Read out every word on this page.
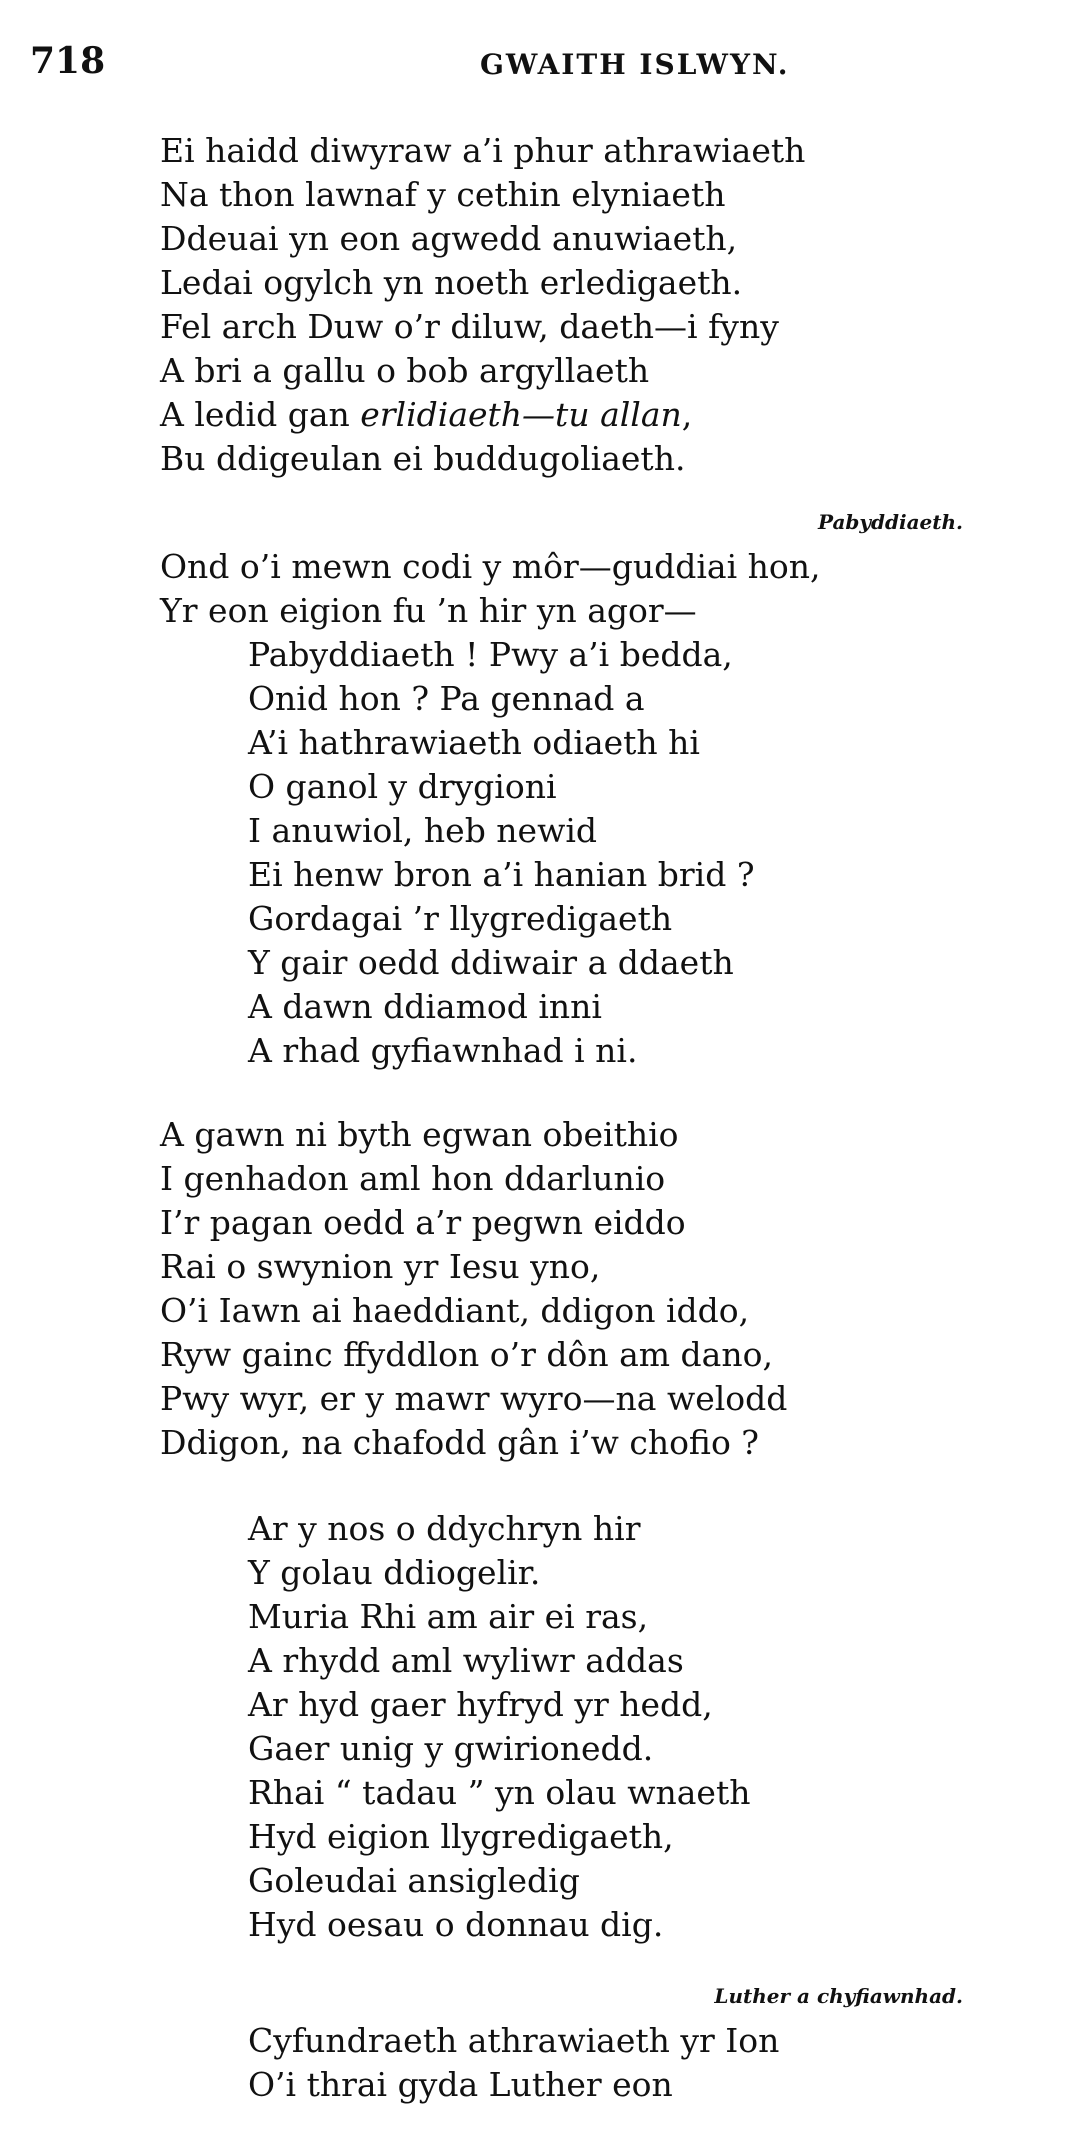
718	GWAITH ISLWYN.
Ei haidd diwyraw a’i phur athrawiaeth
Na thon lawnaf y cethin elyniaeth
Ddeuai yn eon agwedd anuwiaeth,
Ledai ogylch yn noeth erledigaeth.
Fel arch Duw o’r diluw, daeth—i fyny
A bri a gallu o bob argyllaeth
A ledid gan erlidiaeth—tu allan,
Bu ddigeulan ei buddugoliaeth.
Pabyddiaeth.
Ond o’i mewn codi y môr—guddiai hon,
Yr eon eigion fu ’n hir yn agor—
Pabyddiaeth ! Pwy a’i bedda,
Onid hon ? Pa gennad a
A’i hathrawiaeth odiaeth hi
O ganol y drygioni
I anuwiol, heb newid
Ei henw bron a’i hanian brid ?
Gordagai ’r llygredigaeth
Y gair oedd ddiwair a ddaeth
A dawn ddiamod inni
A rhad gyfiawnhad i ni.
A gawn ni byth egwan obeithio
I genhadon aml hon ddarlunio
I’r pagan oedd a’r pegwn eiddo
Rai o swynion yr Iesu yno,
O’i Iawn ai haeddiant, ddigon iddo,
Ryw gainc ffyddlon o’r dôn am dano,
Pwy wyr, er y mawr wyro—na welodd
Ddigon, na chafodd gân i’w chofio ?
Ar y nos o ddychryn hir
Y golau ddiogelir.
Muria Rhi am air ei ras,
A rhydd aml wyliwr addas
Ar hyd gaer hyfryd yr hedd,
Gaer unig y gwirionedd.
Rhai “ tadau ” yn olau wnaeth
Hyd eigion llygredigaeth,
Goleudai ansigledig
Hyd oesau o donnau dig.
Luther a chyfiawnhad.
Cyfundraeth athrawiaeth yr Ion
O’i thrai gyda Luther eon
